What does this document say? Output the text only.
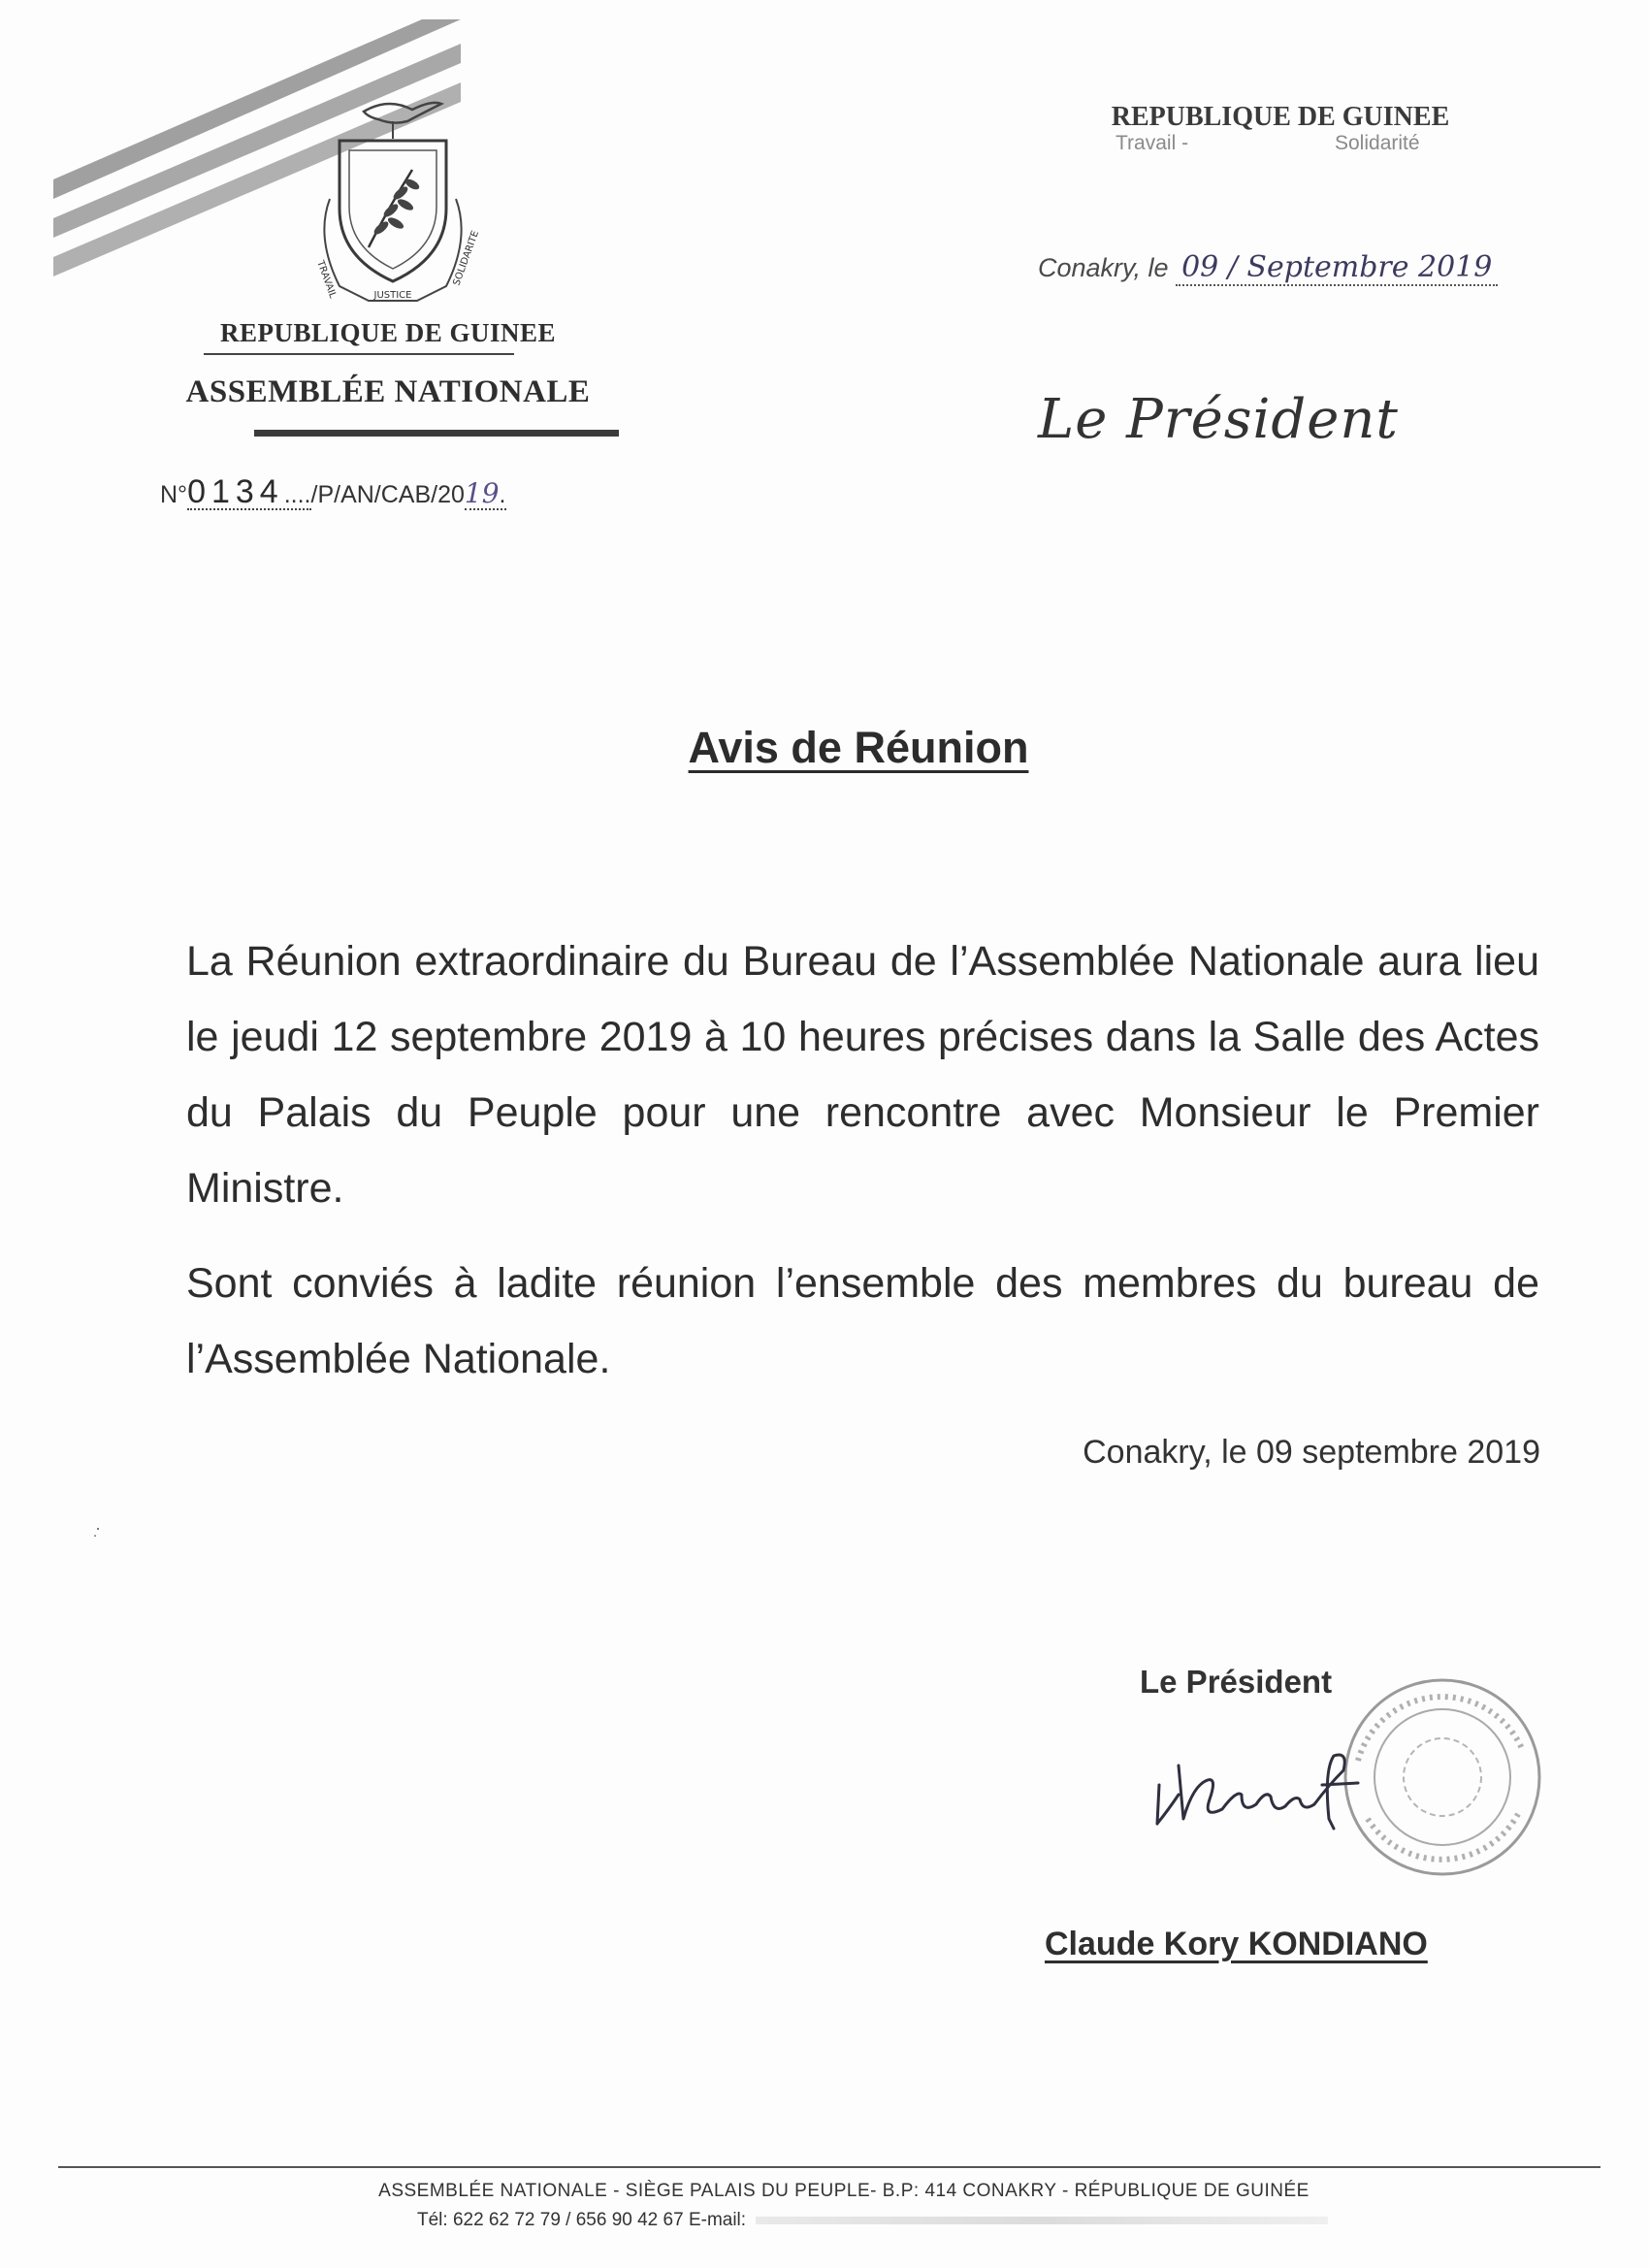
TRAVAIL	JUSTICE
SOLIDARITE
REPUBLIQUE DE GUINEE
ASSEMBLÉE NATIONALE
N°0134..../P/AN/CAB/2019.
REPUBLIQUE DE GUINEE
Travail -	Solidarité
Conakry, le 09 / Septembre 2019
Le Président
Avis de Réunion

La Réunion extraordinaire du Bureau de l’Assemblée Nationale aura lieu le jeudi 12 septembre 2019 à 10 heures précises dans la Salle des Actes du Palais du Peuple pour une rencontre avec Monsieur le Premier Ministre.

Sont conviés à ladite réunion l’ensemble des membres du bureau de l’Assemblée Nationale.

Conakry, le 09 septembre 2019
·̣
Le Président
Claude Kory KONDIANO
ASSEMBLÉE NATIONALE - SIÈGE PALAIS DU PEUPLE- B.P: 414 CONAKRY - RÉPUBLIQUE DE GUINÉE
Tél: 622 62 72 79 / 656 90 42 67 E-mail:
